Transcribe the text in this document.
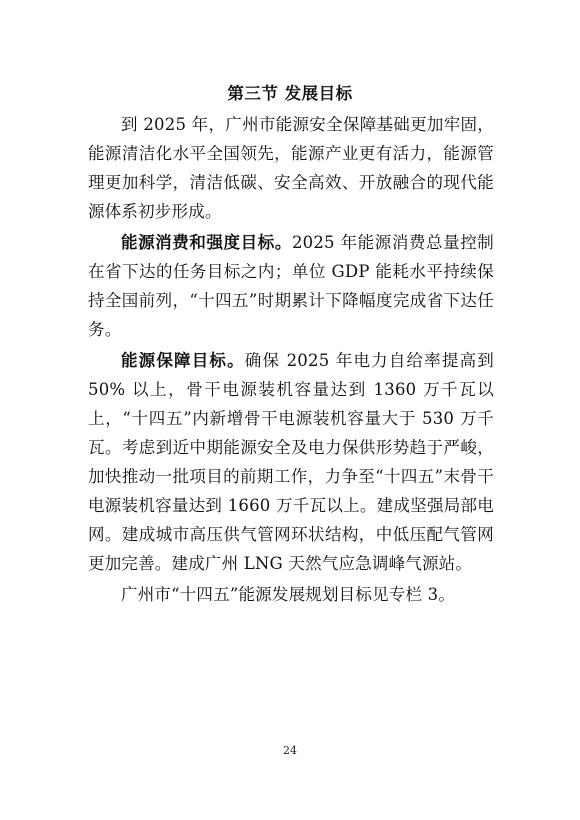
第三节 发展目标

到 2025 年，广州市能源安全保障基础更加牢固，能源清洁化水平全国领先，能源产业更有活力，能源管理更加科学，清洁低碳、安全高效、开放融合的现代能源体系初步形成。

能源消费和强度目标。2025 年能源消费总量控制在省下达的任务目标之内；单位 GDP 能耗水平持续保持全国前列，“十四五”时期累计下降幅度完成省下达任务。

能源保障目标。确保 2025 年电力自给率提高到 50% 以上，骨干电源装机容量达到 1360 万千瓦以上，“十四五”内新增骨干电源装机容量大于 530 万千瓦。考虑到近中期能源安全及电力保供形势趋于严峻，加快推动一批项目的前期工作，力争至“十四五”末骨干电源装机容量达到 1660 万千瓦以上。建成坚强局部电网。建成城市高压供气管网环状结构，中低压配气管网更加完善。建成广州 LNG 天然气应急调峰气源站。

广州市“十四五”能源发展规划目标见专栏 3。

24
